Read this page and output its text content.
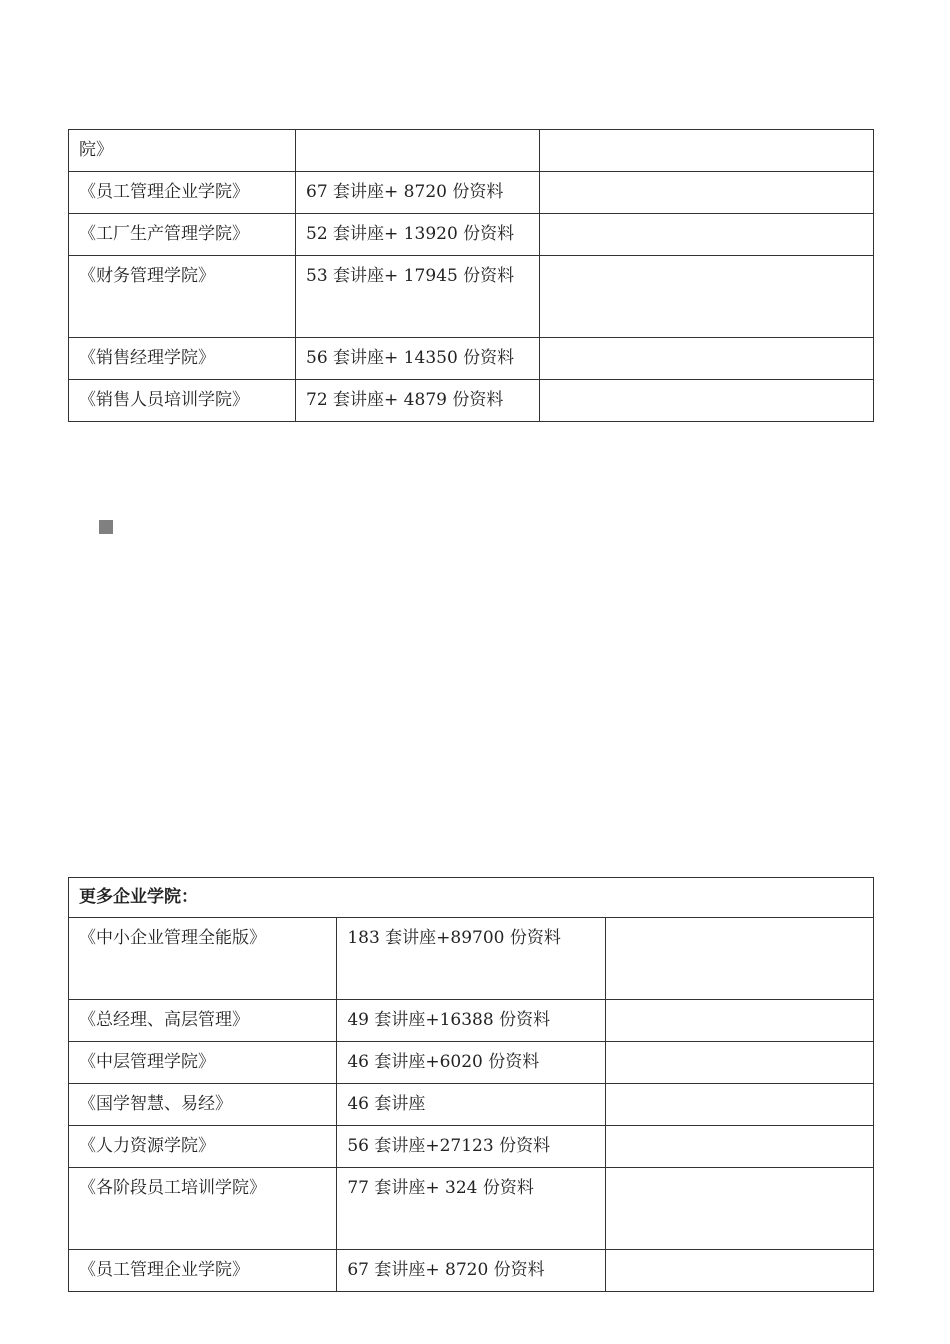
院》		
《员工管理企业学院》	67 套讲座+ 8720 份资料	
《工厂生产管理学院》	52 套讲座+ 13920 份资料	
《财务管理学院》	53 套讲座+ 17945 份资料	
《销售经理学院》	56 套讲座+ 14350 份资料	
《销售人员培训学院》	72 套讲座+ 4879 份资料	
更多企业学院：		
《中小企业管理全能版》	183 套讲座+89700 份资料	
《总经理、高层管理》	49 套讲座+16388 份资料	
《中层管理学院》	46 套讲座+6020 份资料	
《国学智慧、易经》	46 套讲座	
《人力资源学院》	56 套讲座+27123 份资料	
《各阶段员工培训学院》	77 套讲座+ 324 份资料	
《员工管理企业学院》	67 套讲座+ 8720 份资料	
